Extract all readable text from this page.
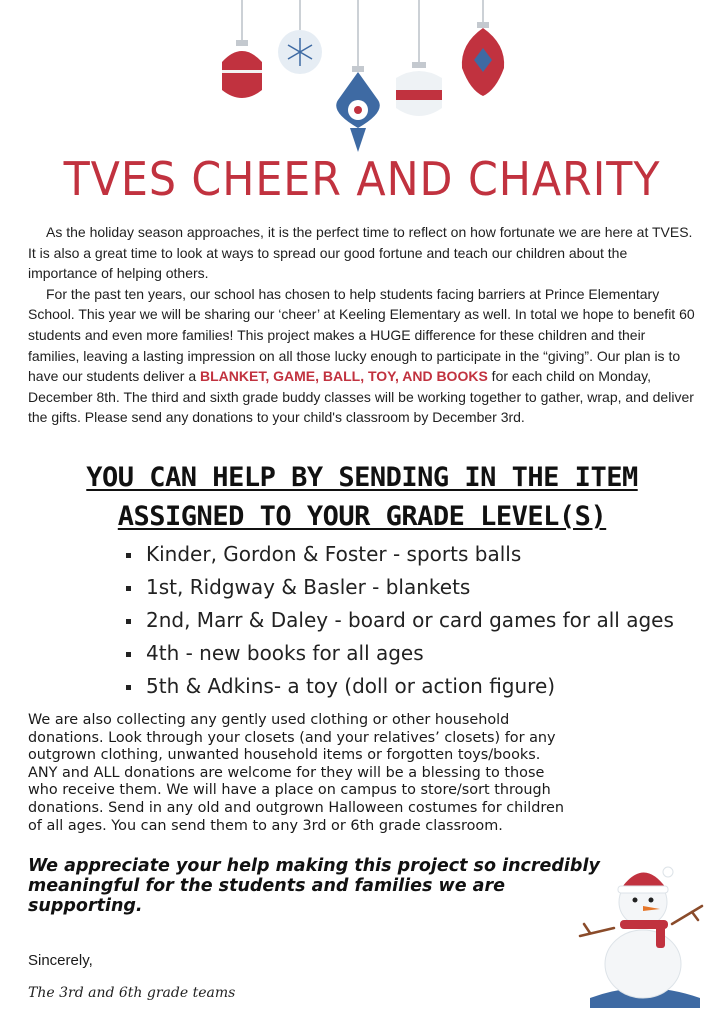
TVES CHEER AND CHARITY

As the holiday season approaches, it is the perfect time to reflect on how fortunate we are here at TVES. It is also a great time to look at ways to spread our good fortune and teach our children about the importance of helping others.

For the past ten years, our school has chosen to help students facing barriers at Prince Elementary School. This year we will be sharing our ‘cheer’ at Keeling Elementary as well. In total we hope to benefit 60 students and even more families! This project makes a HUGE difference for these children and their families, leaving a lasting impression on all those lucky enough to participate in the “giving”. Our plan is to have our students deliver a BLANKET, GAME, BALL, TOY, AND BOOKS for each child on Monday, December 8th. The third and sixth grade buddy classes will be working together to gather, wrap, and deliver the gifts. Please send any donations to your child's classroom by December 3rd.

YOU CAN HELP BY SENDING IN THE ITEM
ASSIGNED TO YOUR GRADE LEVEL(S)
Kinder, Gordon & Foster - sports balls
1st, Ridgway & Basler - blankets
2nd, Marr & Daley - board or card games for all ages
4th - new books for all ages
5th & Adkins- a toy (doll or action figure)

We are also collecting any gently used clothing or other household
donations. Look through your closets (and your relatives’ closets) for any
outgrown clothing, unwanted household items or forgotten toys/books.
ANY and ALL donations are welcome for they will be a blessing to those
who receive them. We will have a place on campus to store/sort through
donations. Send in any old and outgrown Halloween costumes for children
of all ages. You can send them to any 3rd or 6th grade classroom.

We appreciate your help making this project so incredibly
meaningful for the students and families we are
supporting.

Sincerely,

The 3rd and 6th grade teams
